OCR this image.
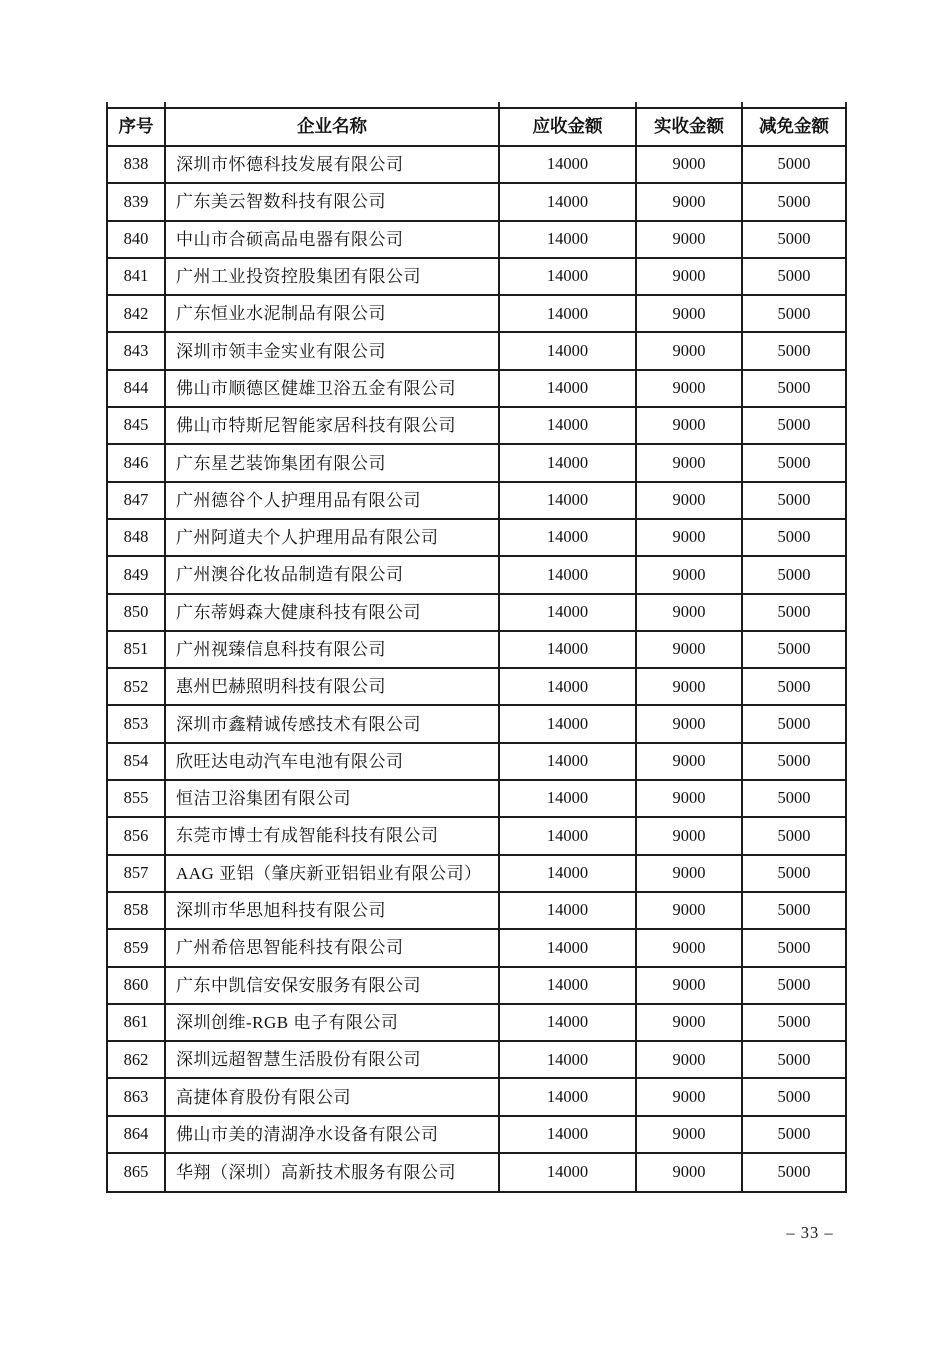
序号	企业名称	应收金额	实收金额	减免金额
838	深圳市怀德科技发展有限公司	14000	9000	5000
839	广东美云智数科技有限公司	14000	9000	5000
840	中山市合硕高品电器有限公司	14000	9000	5000
841	广州工业投资控股集团有限公司	14000	9000	5000
842	广东恒业水泥制品有限公司	14000	9000	5000
843	深圳市领丰金实业有限公司	14000	9000	5000
844	佛山市顺德区健雄卫浴五金有限公司	14000	9000	5000
845	佛山市特斯尼智能家居科技有限公司	14000	9000	5000
846	广东星艺装饰集团有限公司	14000	9000	5000
847	广州德谷个人护理用品有限公司	14000	9000	5000
848	广州阿道夫个人护理用品有限公司	14000	9000	5000
849	广州澳谷化妆品制造有限公司	14000	9000	5000
850	广东蒂姆森大健康科技有限公司	14000	9000	5000
851	广州视臻信息科技有限公司	14000	9000	5000
852	惠州巴赫照明科技有限公司	14000	9000	5000
853	深圳市鑫精诚传感技术有限公司	14000	9000	5000
854	欣旺达电动汽车电池有限公司	14000	9000	5000
855	恒洁卫浴集团有限公司	14000	9000	5000
856	东莞市博士有成智能科技有限公司	14000	9000	5000
857	AAG 亚铝（肇庆新亚铝铝业有限公司）	14000	9000	5000
858	深圳市华思旭科技有限公司	14000	9000	5000
859	广州希倍思智能科技有限公司	14000	9000	5000
860	广东中凯信安保安服务有限公司	14000	9000	5000
861	深圳创维-RGB 电子有限公司	14000	9000	5000
862	深圳远超智慧生活股份有限公司	14000	9000	5000
863	高捷体育股份有限公司	14000	9000	5000
864	佛山市美的清湖净水设备有限公司	14000	9000	5000
865	华翔（深圳）高新技术服务有限公司	14000	9000	5000
– 33 –
